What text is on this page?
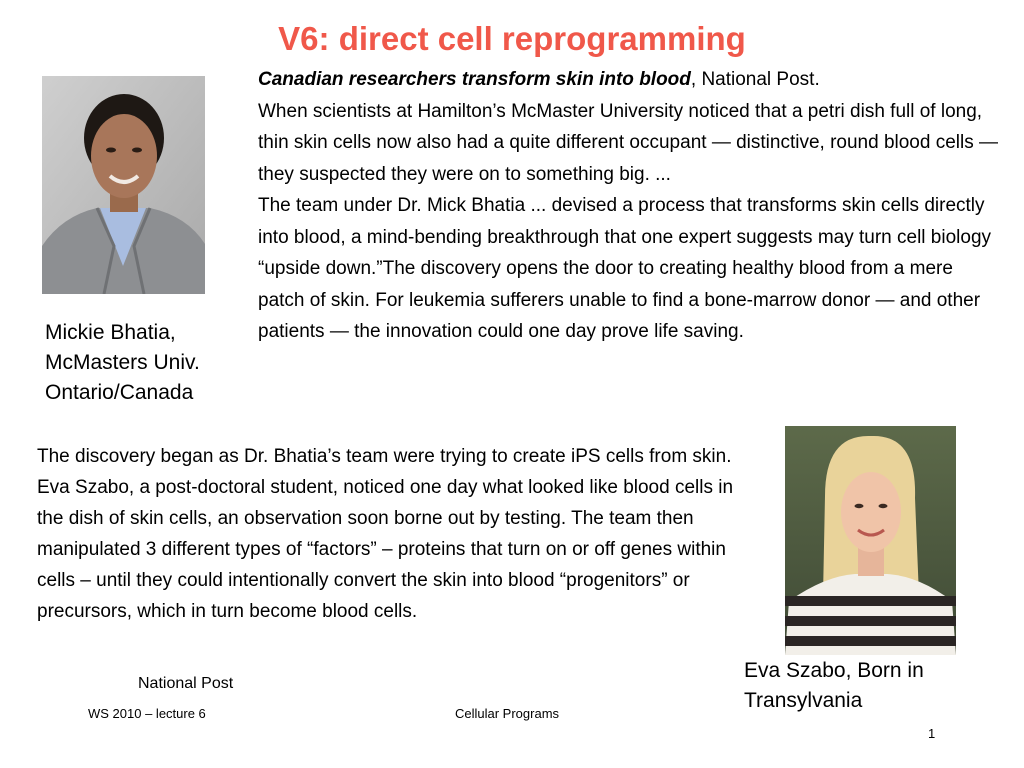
V6: direct cell reprogramming
Mickie Bhatia,
McMasters Univ.
Ontario/Canada

Canadian researchers transform skin into blood, National Post.

When scientists at Hamilton’s McMaster University noticed that a petri dish full of long, thin skin cells now also had a quite different occupant — distinctive, round blood cells — they suspected they were on to something big. ...

The team under Dr. Mick Bhatia ... devised a process that transforms skin cells directly into blood, a mind-bending breakthrough that one expert suggests may turn cell biology “upside down.”The discovery opens the door to creating healthy blood from a mere patch of skin. For leukemia sufferers unable to find a bone-marrow donor — and other patients — the innovation could one day prove life saving.

The discovery began as Dr. Bhatia’s team were trying to create iPS cells from skin. Eva Szabo, a post-doctoral student, noticed one day what looked like blood cells in the dish of skin cells, an observation soon borne out by testing. The team then manipulated 3 different types of “factors” – proteins that turn on or off genes within cells – until they could intentionally convert the skin into blood “progenitors” or precursors, which in turn become blood cells.

National Post
Eva Szabo, Born in
Transylvania
WS 2010 – lecture 6	Cellular Programs
1
